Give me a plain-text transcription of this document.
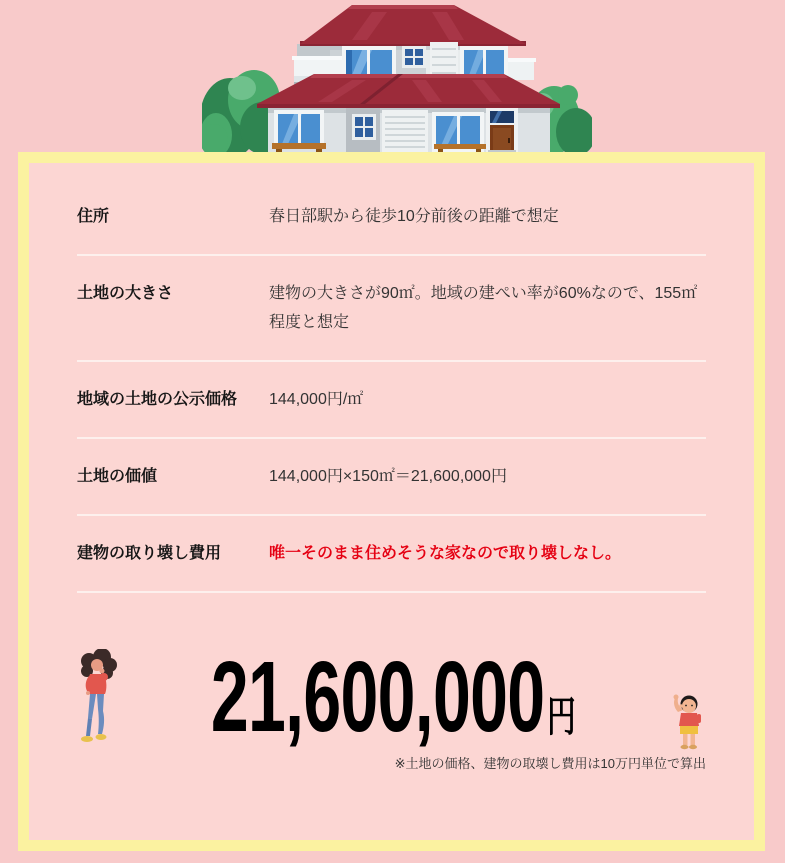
住所	春日部駅から徒歩10分前後の距離で想定
土地の大きさ	建物の大きさが90㎡。地域の建ぺい率が60%なので、155㎡程度と想定
地域の土地の公示価格	144,000円/㎡
土地の価値	144,000円×150㎡＝21,600,000円
建物の取り壊し費用	唯一そのまま住めそうな家なので取り壊しなし。
21,600,000円
※土地の価格、建物の取壊し費用は10万円単位で算出
